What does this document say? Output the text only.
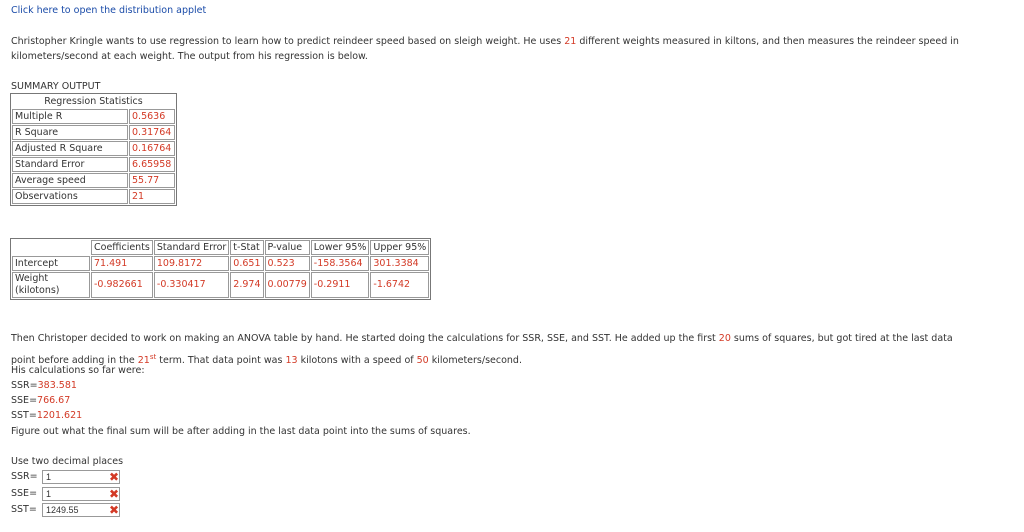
Click here to open the distribution applet
Christopher Kringle wants to use regression to learn how to predict reindeer speed based on sleigh weight. He uses 21 different weights measured in kiltons, and then measures the reindeer speed in
kilometers/second at each weight. The output from his regression is below.
SUMMARY OUTPUT
Regression Statistics	
Multiple R	0.5636
R Square	0.31764
Adjusted R Square	0.16764
Standard Error	6.65958
Average speed	55.77
Observations	21
	Coefficients	Standard Error	t-Stat	P-value	Lower 95%	Upper 95%
Intercept	71.491	109.8172	0.651	0.523	-158.3564	301.3384
Weight (kilotons)	-0.982661	-0.330417	2.974	0.00779	-0.2911	-1.6742
Then Christoper decided to work on making an ANOVA table by hand. He started doing the calculations for SSR, SSE, and SST. He added up the first 20 sums of squares, but got tired at the last data
point before adding in the 21st term. That data point was 13 kilotons with a speed of 50 kilometers/second.
His calculations so far were:
SSR=383.581
SSE=766.67
SST=1201.621
Figure out what the final sum will be after adding in the last data point into the sums of squares.
Use two decimal places
SSR=
1	✖
SSE=
1	✖
SST=
1249.55	✖
